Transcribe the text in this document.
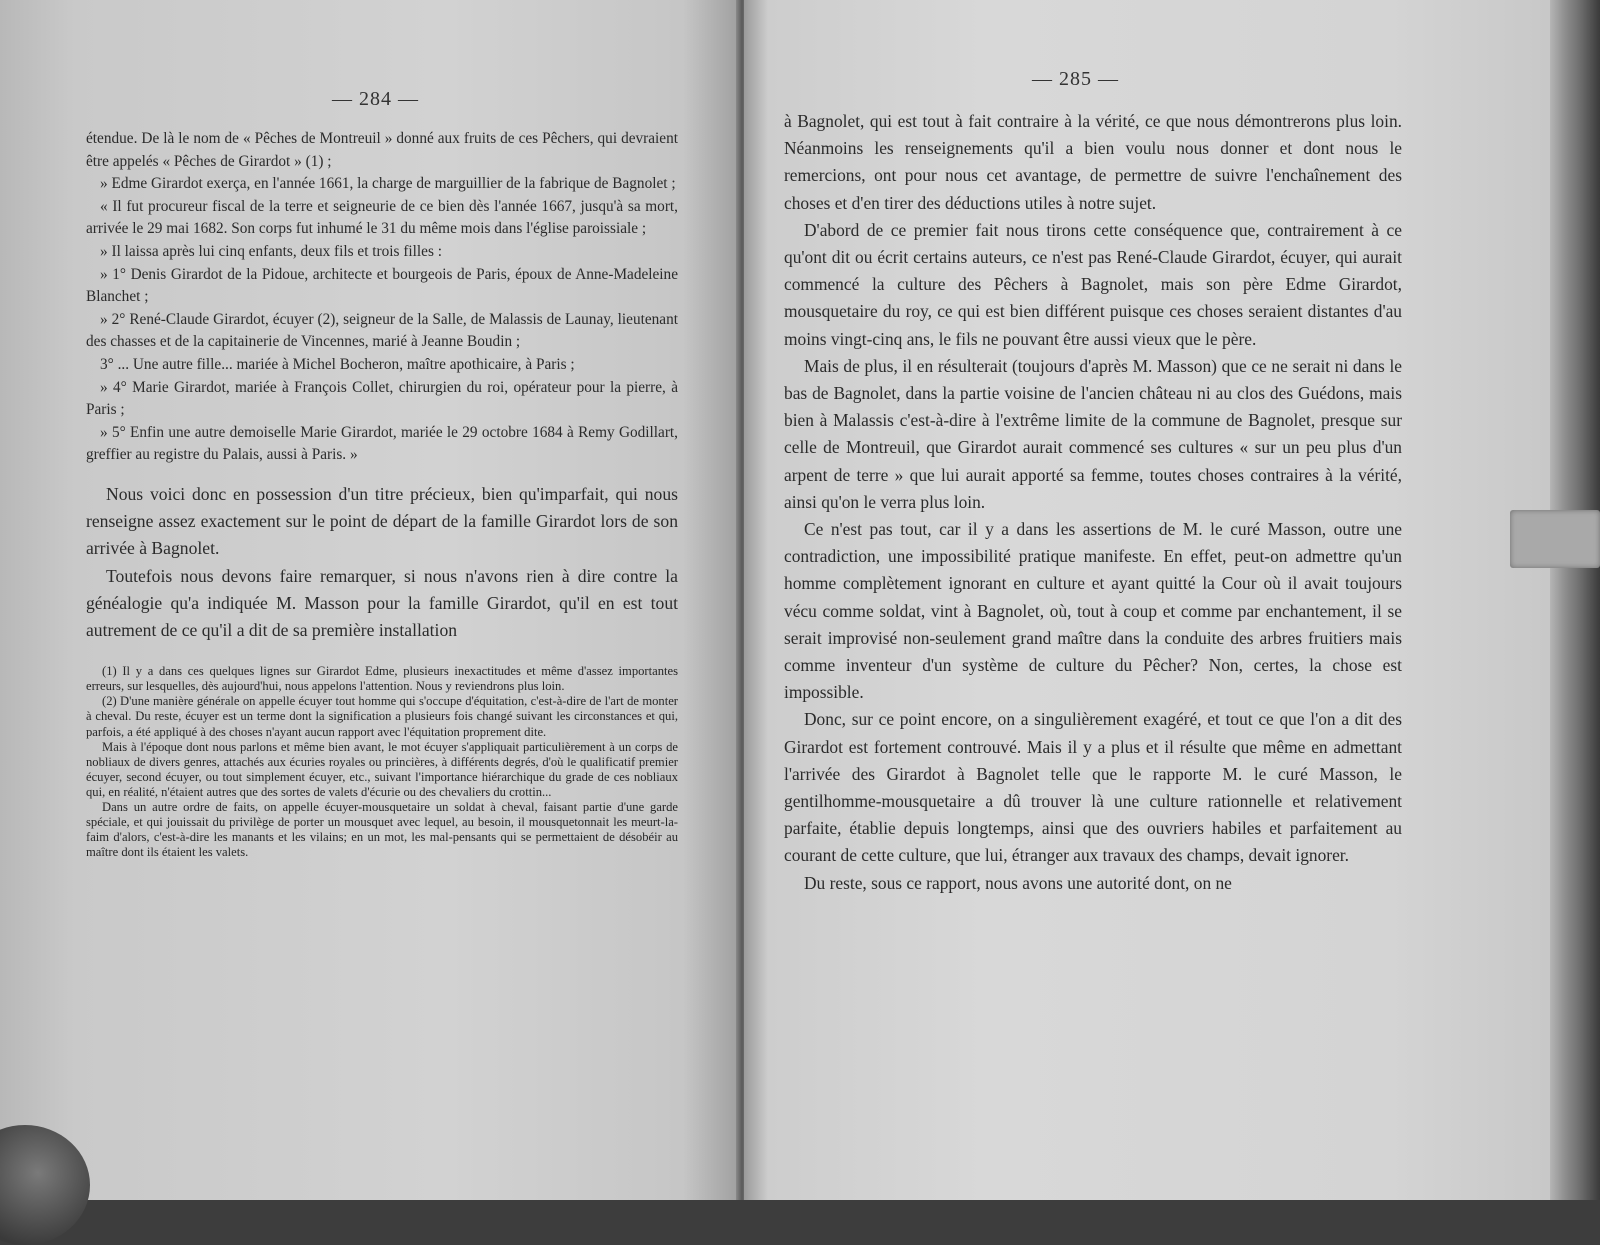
— 284 —

étendue. De là le nom de « Pêches de Montreuil » donné aux fruits de ces Pêchers, qui devraient être appelés « Pêches de Girardot » (1) ;

» Edme Girardot exerça, en l'année 1661, la charge de marguillier de la fabrique de Bagnolet ;

« Il fut procureur fiscal de la terre et seigneurie de ce bien dès l'année 1667, jusqu'à sa mort, arrivée le 29 mai 1682. Son corps fut inhumé le 31 du même mois dans l'église paroissiale ;

» Il laissa après lui cinq enfants, deux fils et trois filles :

» 1° Denis Girardot de la Pidoue, architecte et bourgeois de Paris, époux de Anne-Madeleine Blanchet ;

» 2° René-Claude Girardot, écuyer (2), seigneur de la Salle, de Malassis de Launay, lieutenant des chasses et de la capitainerie de Vincennes, marié à Jeanne Boudin ;

3° ... Une autre fille... mariée à Michel Bocheron, maître apothicaire, à Paris ;

» 4° Marie Girardot, mariée à François Collet, chirurgien du roi, opérateur pour la pierre, à Paris ;

» 5° Enfin une autre demoiselle Marie Girardot, mariée le 29 octobre 1684 à Remy Godillart, greffier au registre du Palais, aussi à Paris. »

Nous voici donc en possession d'un titre précieux, bien qu'imparfait, qui nous renseigne assez exactement sur le point de départ de la famille Girardot lors de son arrivée à Bagnolet.

Toutefois nous devons faire remarquer, si nous n'avons rien à dire contre la généalogie qu'a indiquée M. Masson pour la famille Girardot, qu'il en est tout autrement de ce qu'il a dit de sa première installation

(1) Il y a dans ces quelques lignes sur Girardot Edme, plusieurs inexactitudes et même d'assez importantes erreurs, sur lesquelles, dès aujourd'hui, nous appelons l'attention. Nous y reviendrons plus loin.

(2) D'une manière générale on appelle écuyer tout homme qui s'occupe d'équitation, c'est-à-dire de l'art de monter à cheval. Du reste, écuyer est un terme dont la signification a plusieurs fois changé suivant les circonstances et qui, parfois, a été appliqué à des choses n'ayant aucun rapport avec l'équitation proprement dite.

Mais à l'époque dont nous parlons et même bien avant, le mot écuyer s'appliquait particulièrement à un corps de nobliaux de divers genres, attachés aux écuries royales ou princières, à différents degrés, d'où le qualificatif premier écuyer, second écuyer, ou tout simplement écuyer, etc., suivant l'importance hiérarchique du grade de ces nobliaux qui, en réalité, n'étaient autres que des sortes de valets d'écurie ou des chevaliers du crottin...

Dans un autre ordre de faits, on appelle écuyer-mousquetaire un soldat à cheval, faisant partie d'une garde spéciale, et qui jouissait du privilège de porter un mousquet avec lequel, au besoin, il mousquetonnait les meurt-la-faim d'alors, c'est-à-dire les manants et les vilains; en un mot, les mal-pensants qui se permettaient de désobéir au maître dont ils étaient les valets.

— 285 —

à Bagnolet, qui est tout à fait contraire à la vérité, ce que nous démontrerons plus loin. Néanmoins les renseignements qu'il a bien voulu nous donner et dont nous le remercions, ont pour nous cet avantage, de permettre de suivre l'enchaînement des choses et d'en tirer des déductions utiles à notre sujet.

D'abord de ce premier fait nous tirons cette conséquence que, contrairement à ce qu'ont dit ou écrit certains auteurs, ce n'est pas René-Claude Girardot, écuyer, qui aurait commencé la culture des Pêchers à Bagnolet, mais son père Edme Girardot, mousquetaire du roy, ce qui est bien différent puisque ces choses seraient distantes d'au moins vingt-cinq ans, le fils ne pouvant être aussi vieux que le père.

Mais de plus, il en résulterait (toujours d'après M. Masson) que ce ne serait ni dans le bas de Bagnolet, dans la partie voisine de l'ancien château ni au clos des Guédons, mais bien à Malassis c'est-à-dire à l'extrême limite de la commune de Bagnolet, presque sur celle de Montreuil, que Girardot aurait commencé ses cultures « sur un peu plus d'un arpent de terre » que lui aurait apporté sa femme, toutes choses contraires à la vérité, ainsi qu'on le verra plus loin.

Ce n'est pas tout, car il y a dans les assertions de M. le curé Masson, outre une contradiction, une impossibilité pratique manifeste. En effet, peut-on admettre qu'un homme complètement ignorant en culture et ayant quitté la Cour où il avait toujours vécu comme soldat, vint à Bagnolet, où, tout à coup et comme par enchantement, il se serait improvisé non-seulement grand maître dans la conduite des arbres fruitiers mais comme inventeur d'un système de culture du Pêcher? Non, certes, la chose est impossible.

Donc, sur ce point encore, on a singulièrement exagéré, et tout ce que l'on a dit des Girardot est fortement controuvé. Mais il y a plus et il résulte que même en admettant l'arrivée des Girardot à Bagnolet telle que le rapporte M. le curé Masson, le gentilhomme-mousquetaire a dû trouver là une culture rationnelle et relativement parfaite, établie depuis longtemps, ainsi que des ouvriers habiles et parfaitement au courant de cette culture, que lui, étranger aux travaux des champs, devait ignorer.

Du reste, sous ce rapport, nous avons une autorité dont, on ne
